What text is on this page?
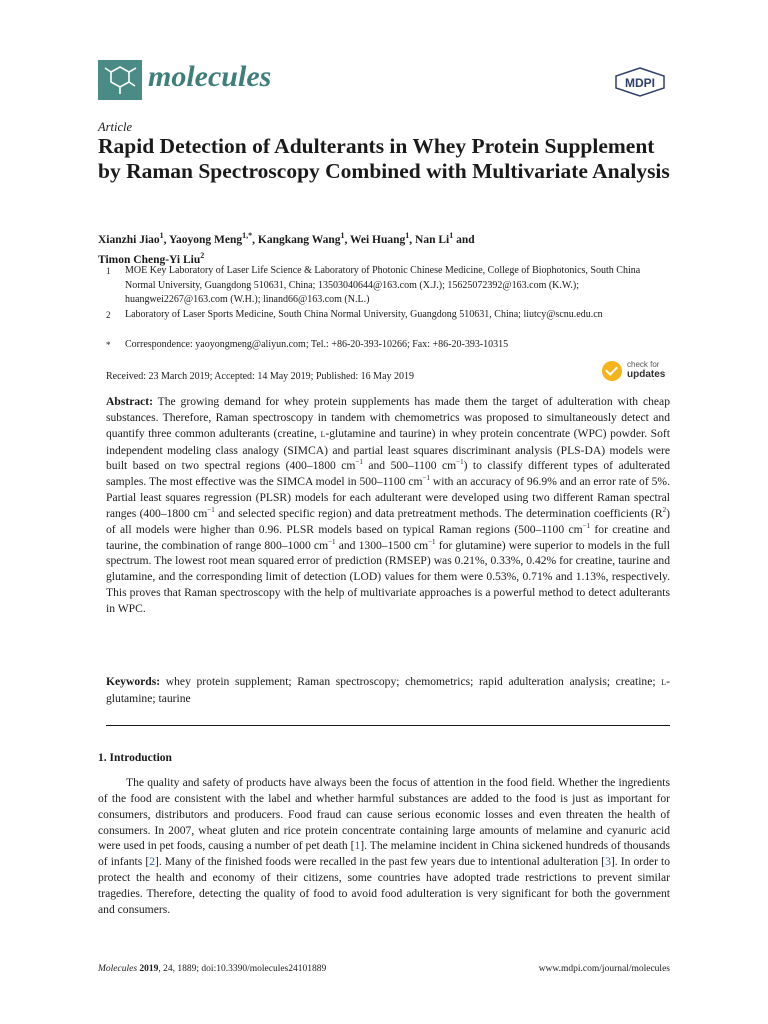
molecules	MDPI
Article
Rapid Detection of Adulterants in Whey Protein Supplement by Raman Spectroscopy Combined with Multivariate Analysis
Xianzhi Jiao$^1$, Yaoyong Meng$^{1,*}$, Kangkang Wang$^1$, Wei Huang$^1$, Nan Li$^1$ and
Timon Cheng-Yi Liu$^2$
1 MOE Key Laboratory of Laser Life Science & Laboratory of Photonic Chinese Medicine, College of Biophotonics, South China Normal University, Guangdong 510631, China; 13503040644@163.com (X.J.); 15625072392@163.com (K.W.); huangwei2267@163.com (W.H.); linand66@163.com (N.L.)
2 Laboratory of Laser Sports Medicine, South China Normal University, Guangdong 510631, China; liutcy@scnu.edu.cn
* Correspondence: yaoyongmeng@aliyun.com; Tel.: +86-20-393-10266; Fax: +86-20-393-10315
Received: 23 March 2019; Accepted: 14 May 2019; Published: 16 May 2019
check for
updates
Abstract: The growing demand for whey protein supplements has made them the target of adulteration with cheap substances. Therefore, Raman spectroscopy in tandem with chemometrics was proposed to simultaneously detect and quantify three common adulterants (creatine, L-glutamine and taurine) in whey protein concentrate (WPC) powder. Soft independent modeling class analogy (SIMCA) and partial least squares discriminant analysis (PLS-DA) models were built based on two spectral regions (400–1800 $cm^{-1}$ and 500–1100 $cm^{-1}$) to classify different types of adulterated samples. The most effective was the SIMCA model in 500–1100 $cm^{-1}$ with an accuracy of 96.9% and an error rate of 5%. Partial least squares regression (PLSR) models for each adulterant were developed using two different Raman spectral ranges (400–1800 $cm^{-1}$ and selected specific region) and data pretreatment methods. The determination coefficients $(R^2)$ of all models were higher than 0.96. PLSR models based on typical Raman regions (500–1100 $cm^{-1}$ for creatine and taurine, the combination of range 800–1000 $cm^{-1}$ and 1300–1500 $cm^{-1}$ for glutamine) were superior to models in the full spectrum. The lowest root mean squared error of prediction (RMSEP) was 0.21%, 0.33%, 0.42% for creatine, taurine and glutamine, and the corresponding limit of detection (LOD) values for them were 0.53%, 0.71% and 1.13%, respectively. This proves that Raman spectroscopy with the help of multivariate approaches is a powerful method to detect adulterants in WPC.
Keywords: whey protein supplement; Raman spectroscopy; chemometrics; rapid adulteration analysis; creatine; L-glutamine; taurine
1. Introduction
The quality and safety of products have always been the focus of attention in the food field. Whether the ingredients of the food are consistent with the label and whether harmful substances are added to the food is just as important for consumers, distributors and producers. Food fraud can cause serious economic losses and even threaten the health of consumers. In 2007, wheat gluten and rice protein concentrate containing large amounts of melamine and cyanuric acid were used in pet foods, causing a number of pet death [1]. The melamine incident in China sickened hundreds of thousands of infants [2]. Many of the finished foods were recalled in the past few years due to intentional adulteration [3]. In order to protect the health and economy of their citizens, some countries have adopted trade restrictions to prevent similar tragedies. Therefore, detecting the quality of food to avoid food adulteration is very significant for both the government and consumers.
Molecules 2019, 24, 1889; doi:10.3390/molecules24101889	www.mdpi.com/journal/molecules
